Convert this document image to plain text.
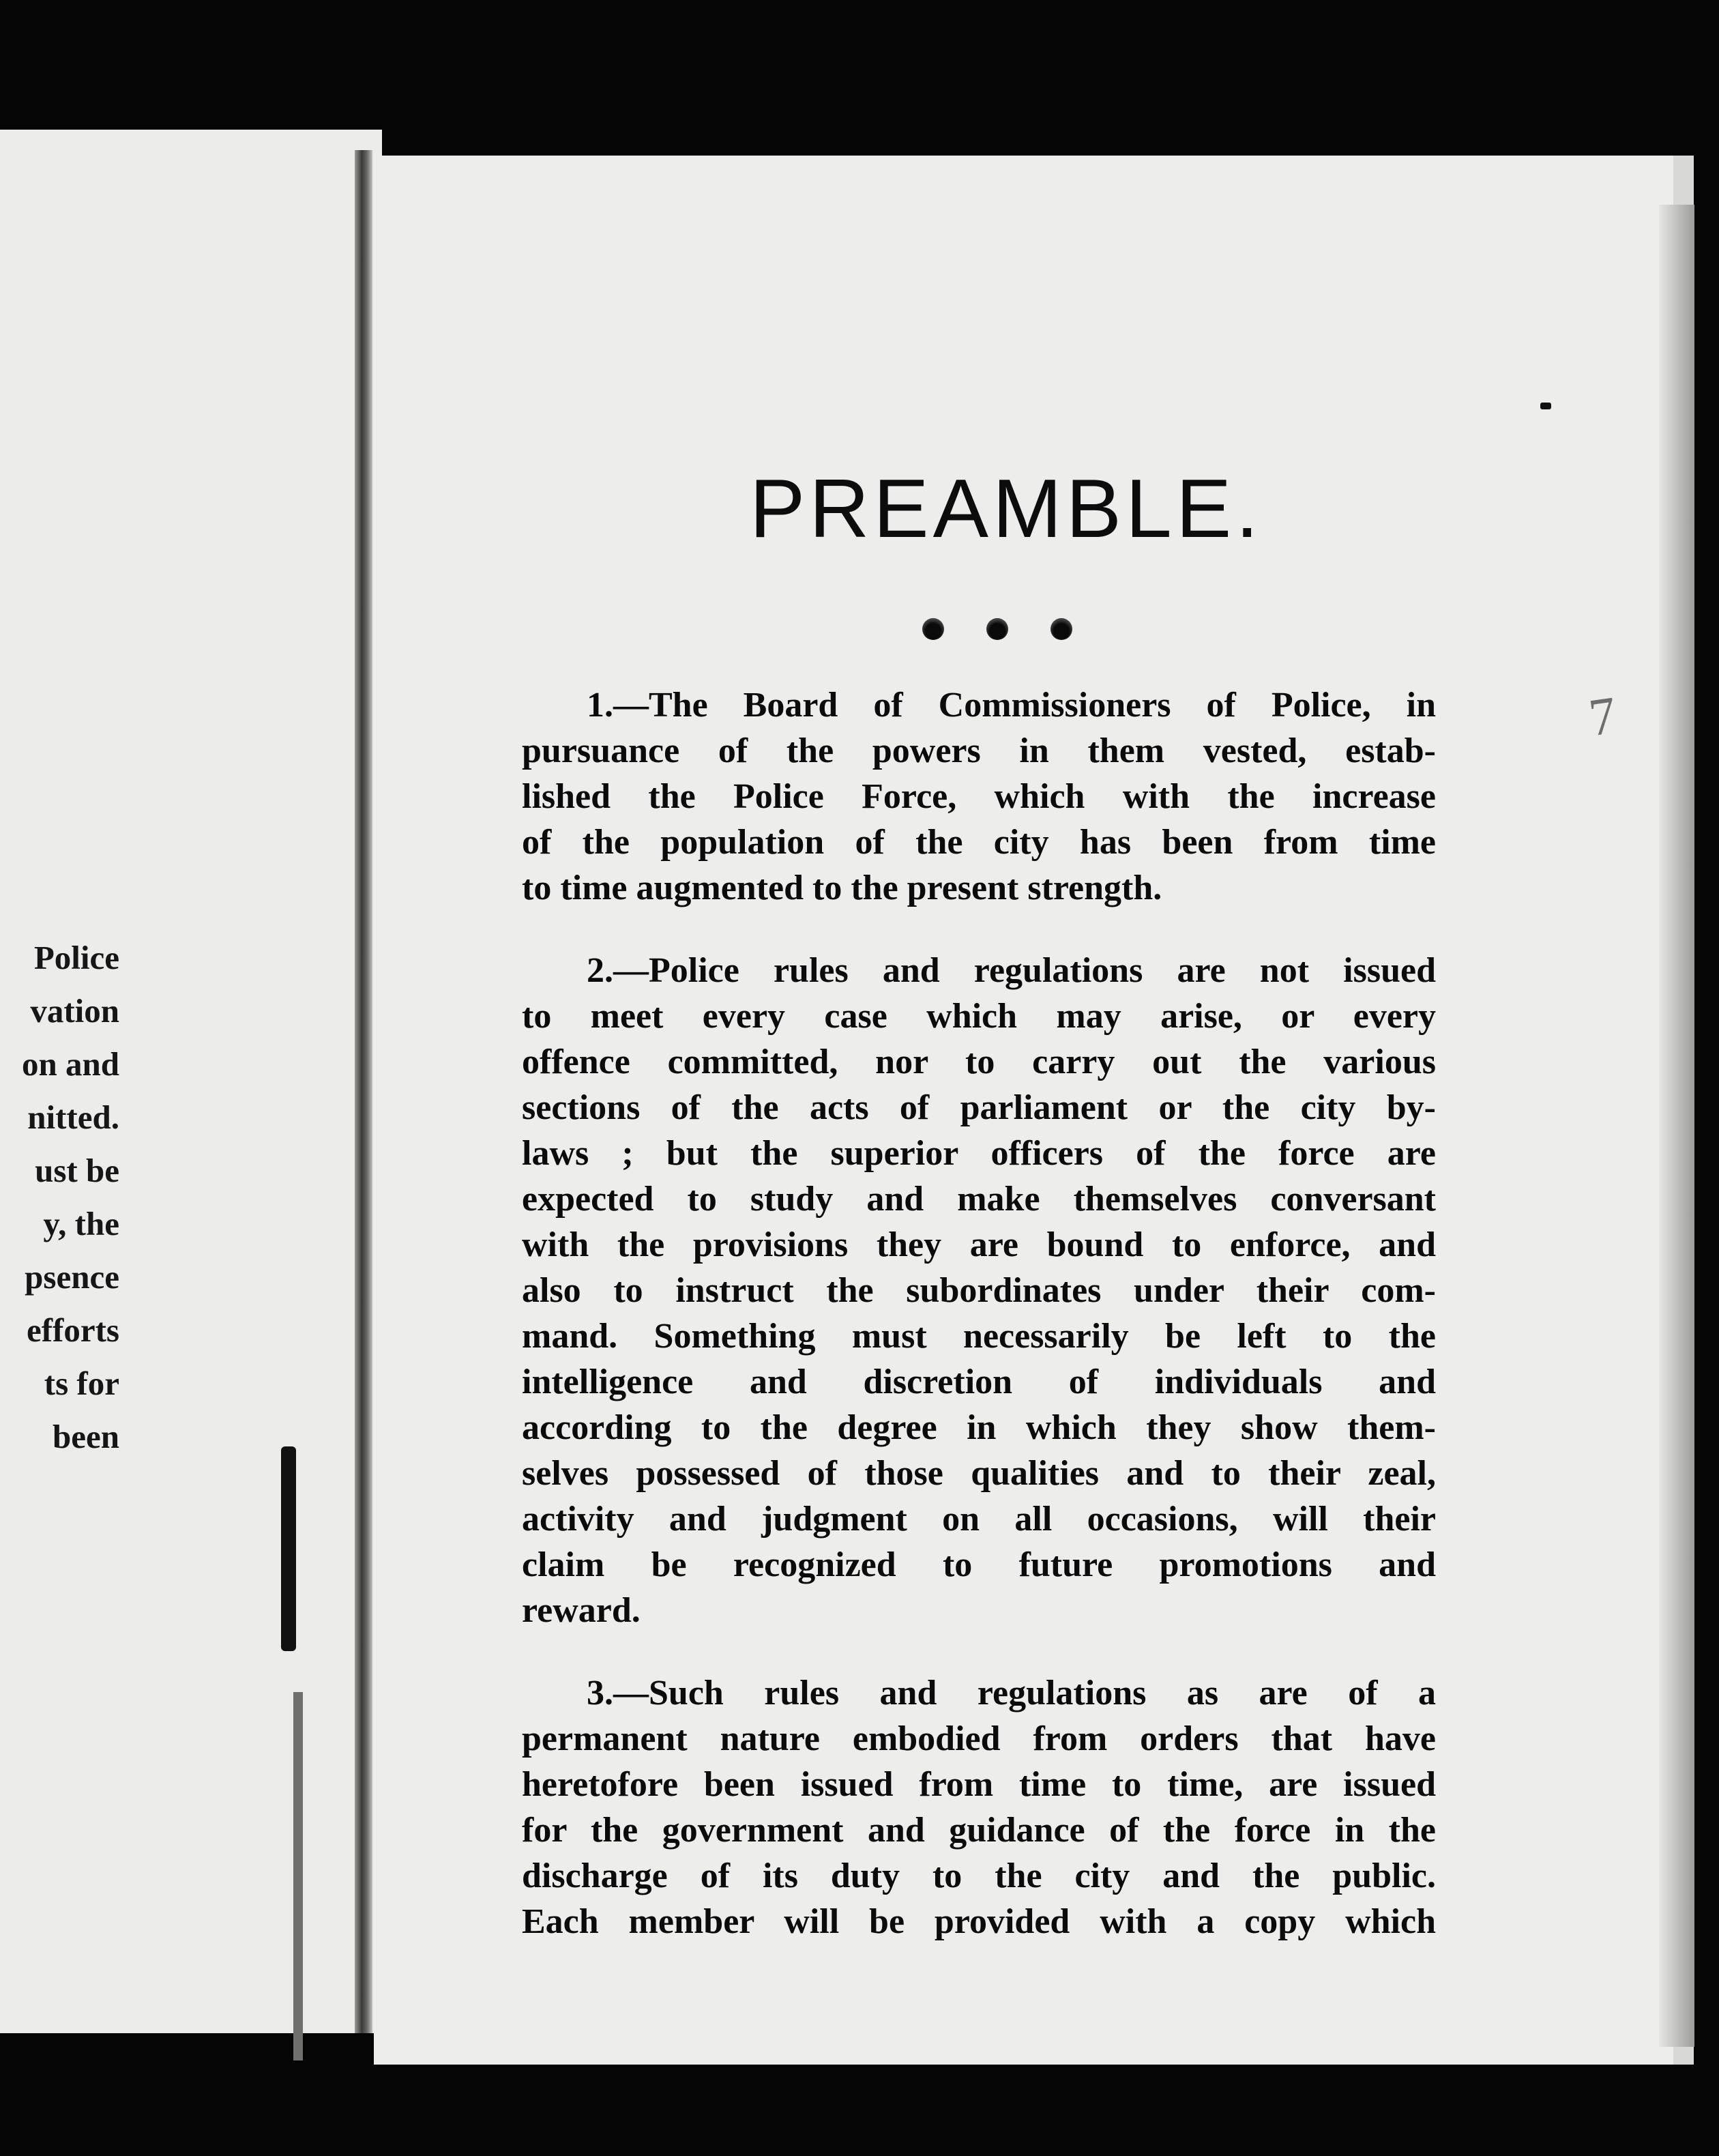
Police
vation
on and
nitted.
ust be
y, the
psence
efforts
ts for
been
7
PREAMBLE.
1.—The Board of Commissioners of Police, in
pursuance of the powers in them vested, estab-
lished the Police Force, which with the increase
of the population of the city has been from time
to time augmented to the present strength.
2.—Police rules and regulations are not issued
to meet every case which may arise, or every
offence committed, nor to carry out the various
sections of the acts of parliament or the city by-
laws ; but the superior officers of the force are
expected to study and make themselves conversant
with the provisions they are bound to enforce, and
also to instruct the subordinates under their com-
mand. Something must necessarily be left to the
intelligence and discretion of individuals and
according to the degree in which they show them-
selves possessed of those qualities and to their zeal,
activity and judgment on all occasions, will their
claim be recognized to future promotions and
reward.
3.—Such rules and regulations as are of a
permanent nature embodied from orders that have
heretofore been issued from time to time, are issued
for the government and guidance of the force in the
discharge of its duty to the city and the public.
Each member will be provided with a copy which
